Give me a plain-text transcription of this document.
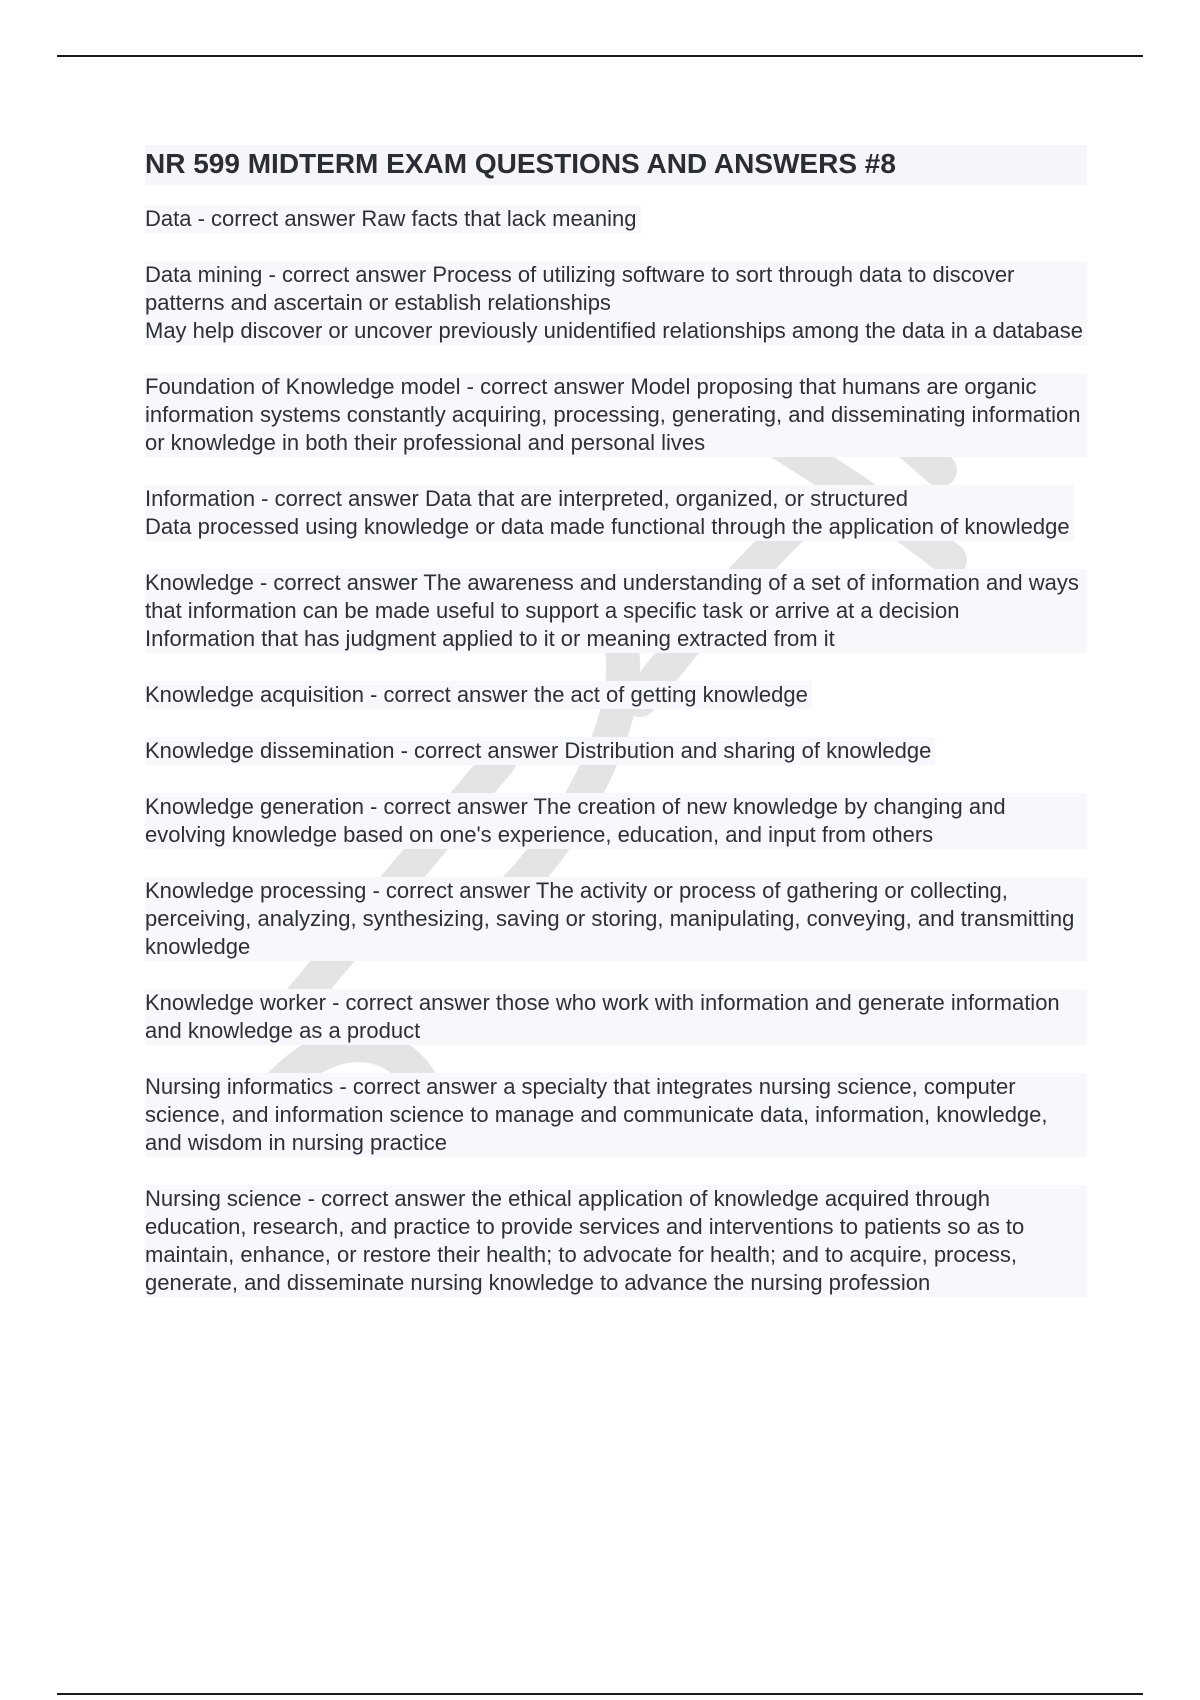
NR 599 MIDTERM EXAM QUESTIONS AND ANSWERS #8

Data - correct answer Raw facts that lack meaning

Data mining - correct answer Process of utilizing software to sort through data to discover patterns and ascertain or establish relationships

May help discover or uncover previously unidentified relationships among the data in a database

Foundation of Knowledge model - correct answer Model proposing that humans are organic information systems constantly acquiring, processing, generating, and disseminating information or knowledge in both their professional and personal lives

Information - correct answer Data that are interpreted, organized, or structured

Data processed using knowledge or data made functional through the application of knowledge

Knowledge - correct answer The awareness and understanding of a set of information and ways that information can be made useful to support a specific task or arrive at a decision

Information that has judgment applied to it or meaning extracted from it

Knowledge acquisition - correct answer the act of getting knowledge

Knowledge dissemination - correct answer Distribution and sharing of knowledge

Knowledge generation - correct answer The creation of new knowledge by changing and evolving knowledge based on one's experience, education, and input from others

Knowledge processing - correct answer The activity or process of gathering or collecting, perceiving, analyzing, synthesizing, saving or storing, manipulating, conveying, and transmitting knowledge

Knowledge worker - correct answer those who work with information and generate information and knowledge as a product

Nursing informatics - correct answer a specialty that integrates nursing science, computer science, and information science to manage and communicate data, information, knowledge, and wisdom in nursing practice

Nursing science - correct answer the ethical application of knowledge acquired through education, research, and practice to provide services and interventions to patients so as to maintain, enhance, or restore their health; to advocate for health; and to acquire, process, generate, and disseminate nursing knowledge to advance the nursing profession
